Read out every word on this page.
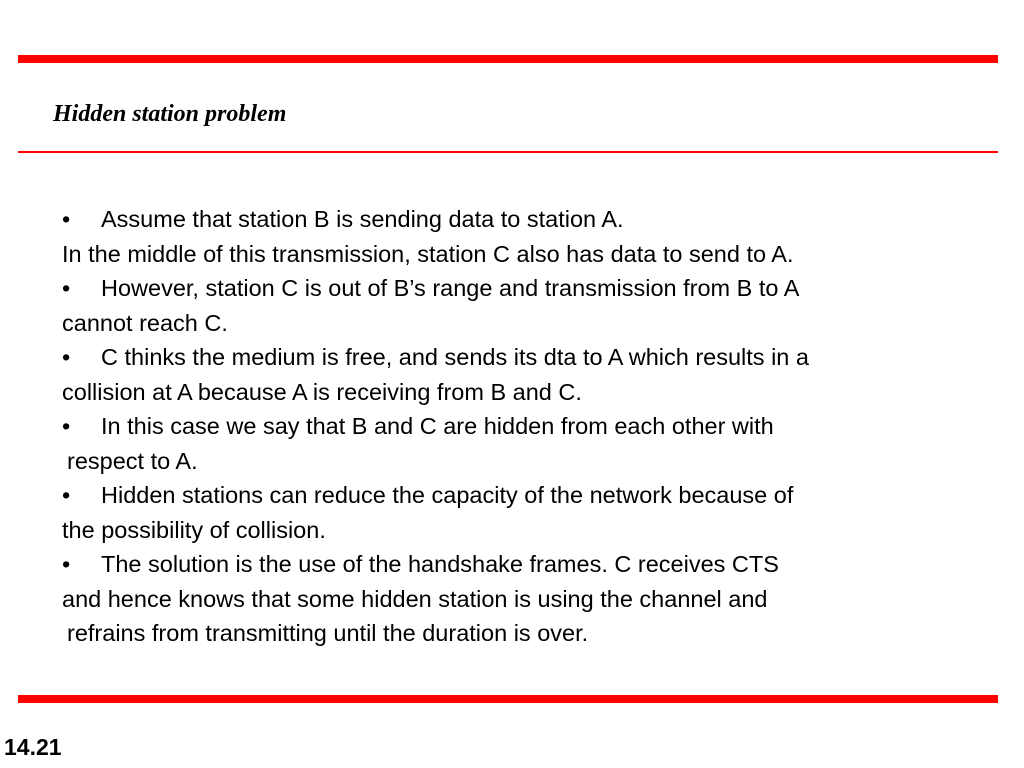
Hidden station problem
• Assume that station B is sending data to station A.
In the middle of this transmission, station C also has data to send to A.
• However, station C is out of B’s range and transmission from B to A
cannot reach C.
• C thinks the medium is free, and sends its dta to A which results in a
collision at A because A is receiving from B and C.
• In this case we say that B and C are hidden from each other with
respect to A.
• Hidden stations can reduce the capacity of the network because of
the possibility of collision.
• The solution is the use of the handshake frames. C receives CTS
and hence knows that some hidden station is using the channel and
refrains from transmitting until the duration is over.
14.21
